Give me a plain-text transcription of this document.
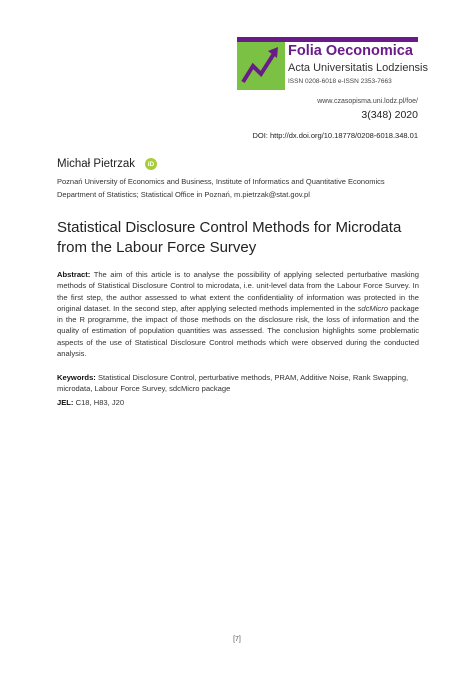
Folia Oeconomica
Acta Universitatis Lodziensis
ISSN 0208-6018 e-ISSN 2353-7663
www.czasopisma.uni.lodz.pl/foe/
3(348) 2020
DOI: http://dx.doi.org/10.18778/0208-6018.348.01
Michał Pietrzak	iD
Poznań University of Economics and Business, Institute of Informatics and Quantitative Economics
Department of Statistics; Statistical Office in Poznań, m.pietrzak@stat.gov.pl
Statistical Disclosure Control Methods for Microdata from the Labour Force Survey
Abstract: The aim of this article is to analyse the possibility of applying selected perturbative masking methods of Statistical Disclosure Control to microdata, i.e. unit-level data from the Labour Force Survey. In the first step, the author assessed to what extent the confidentiality of information was protected in the original dataset. In the second step, after applying selected methods implemented in the sdcMicro package in the R programme, the impact of those methods on the disclosure risk, the loss of information and the quality of estimation of population quantities was assessed. The conclusion highlights some problematic aspects of the use of Statistical Disclosure Control methods which were observed during the conducted analysis.
Keywords: Statistical Disclosure Control, perturbative methods, PRAM, Additive Noise, Rank Swapping, microdata, Labour Force Survey, sdcMicro package
JEL: C18, H83, J20
[7]
